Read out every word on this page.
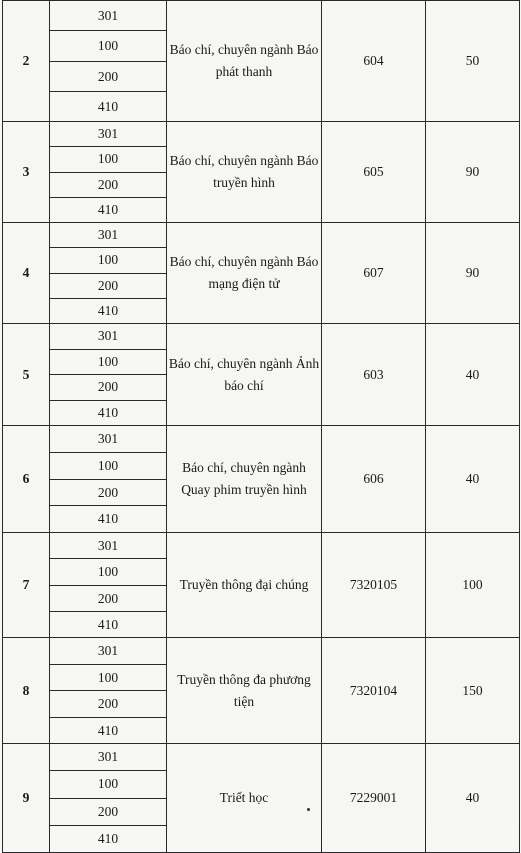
2	301	Báo chí, chuyên ngành Báo phát thanh	604	50
	100			
	200			
	410			
3	301	Báo chí, chuyên ngành Báo truyền hình	605	90
	100			
	200			
	410			
4	301	Báo chí, chuyên ngành Báo mạng điện tử	607	90
	100			
	200			
	410			
5	301	Báo chí, chuyên ngành Ảnh báo chí	603	40
	100			
	200			
	410			
6	301	Báo chí, chuyên ngành Quay phim truyền hình	606	40
	100			
	200			
	410			
7	301	Truyền thông đại chúng	7320105	100
	100			
	200			
	410			
8	301	Truyền thông đa phương tiện	7320104	150
	100			
	200			
	410			
9	301	Triết học	7229001	40
	100			
	200			
	410			
